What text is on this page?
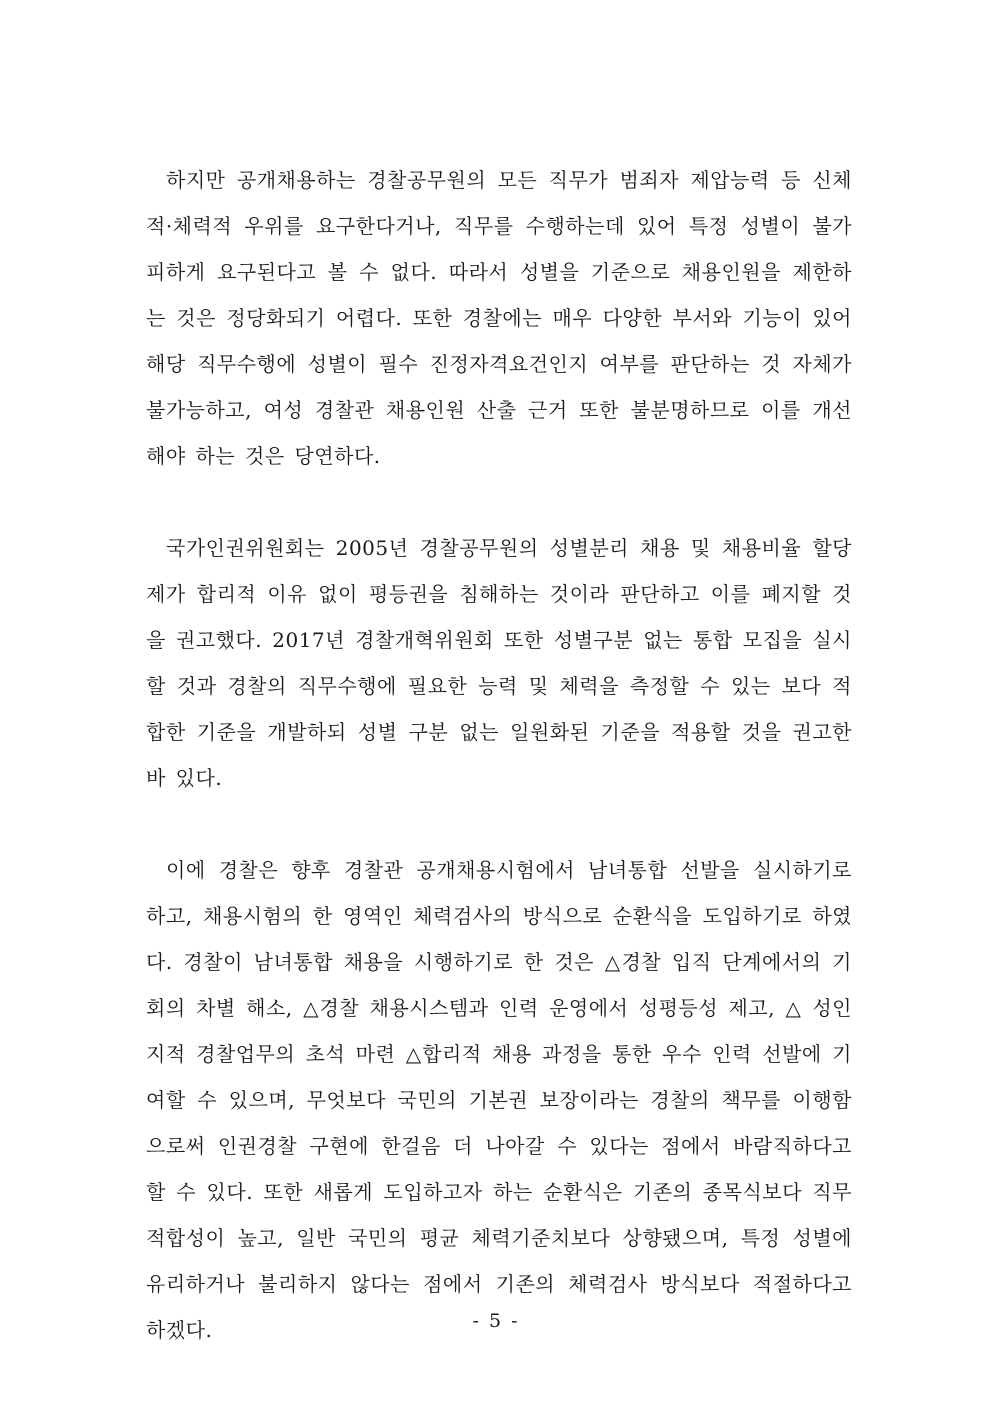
하지만 공개채용하는 경찰공무원의 모든 직무가 범죄자 제압능력 등 신체적·체력적 우위를 요구한다거나, 직무를 수행하는데 있어 특정 성별이 불가피하게 요구된다고 볼 수 없다. 따라서 성별을 기준으로 채용인원을 제한하는 것은 정당화되기 어렵다. 또한 경찰에는 매우 다양한 부서와 기능이 있어 해당 직무수행에 성별이 필수 진정자격요건인지 여부를 판단하는 것 자체가 불가능하고, 여성 경찰관 채용인원 산출 근거 또한 불분명하므로 이를 개선해야 하는 것은 당연하다.

국가인권위원회는 2005년 경찰공무원의 성별분리 채용 및 채용비율 할당제가 합리적 이유 없이 평등권을 침해하는 것이라 판단하고 이를 폐지할 것을 권고했다. 2017년 경찰개혁위원회 또한 성별구분 없는 통합 모집을 실시할 것과 경찰의 직무수행에 필요한 능력 및 체력을 측정할 수 있는 보다 적합한 기준을 개발하되 성별 구분 없는 일원화된 기준을 적용할 것을 권고한 바 있다.

이에 경찰은 향후 경찰관 공개채용시험에서 남녀통합 선발을 실시하기로 하고, 채용시험의 한 영역인 체력검사의 방식으로 순환식을 도입하기로 하였다. 경찰이 남녀통합 채용을 시행하기로 한 것은 △경찰 입직 단계에서의 기회의 차별 해소, △경찰 채용시스템과 인력 운영에서 성평등성 제고, △ 성인지적 경찰업무의 초석 마련 △합리적 채용 과정을 통한 우수 인력 선발에 기여할 수 있으며, 무엇보다 국민의 기본권 보장이라는 경찰의 책무를 이행함으로써 인권경찰 구현에 한걸음 더 나아갈 수 있다는 점에서 바람직하다고 할 수 있다. 또한 새롭게 도입하고자 하는 순환식은 기존의 종목식보다 직무적합성이 높고, 일반 국민의 평균 체력기준치보다 상향됐으며, 특정 성별에 유리하거나 불리하지 않다는 점에서 기존의 체력검사 방식보다 적절하다고 하겠다.	- 5 -
